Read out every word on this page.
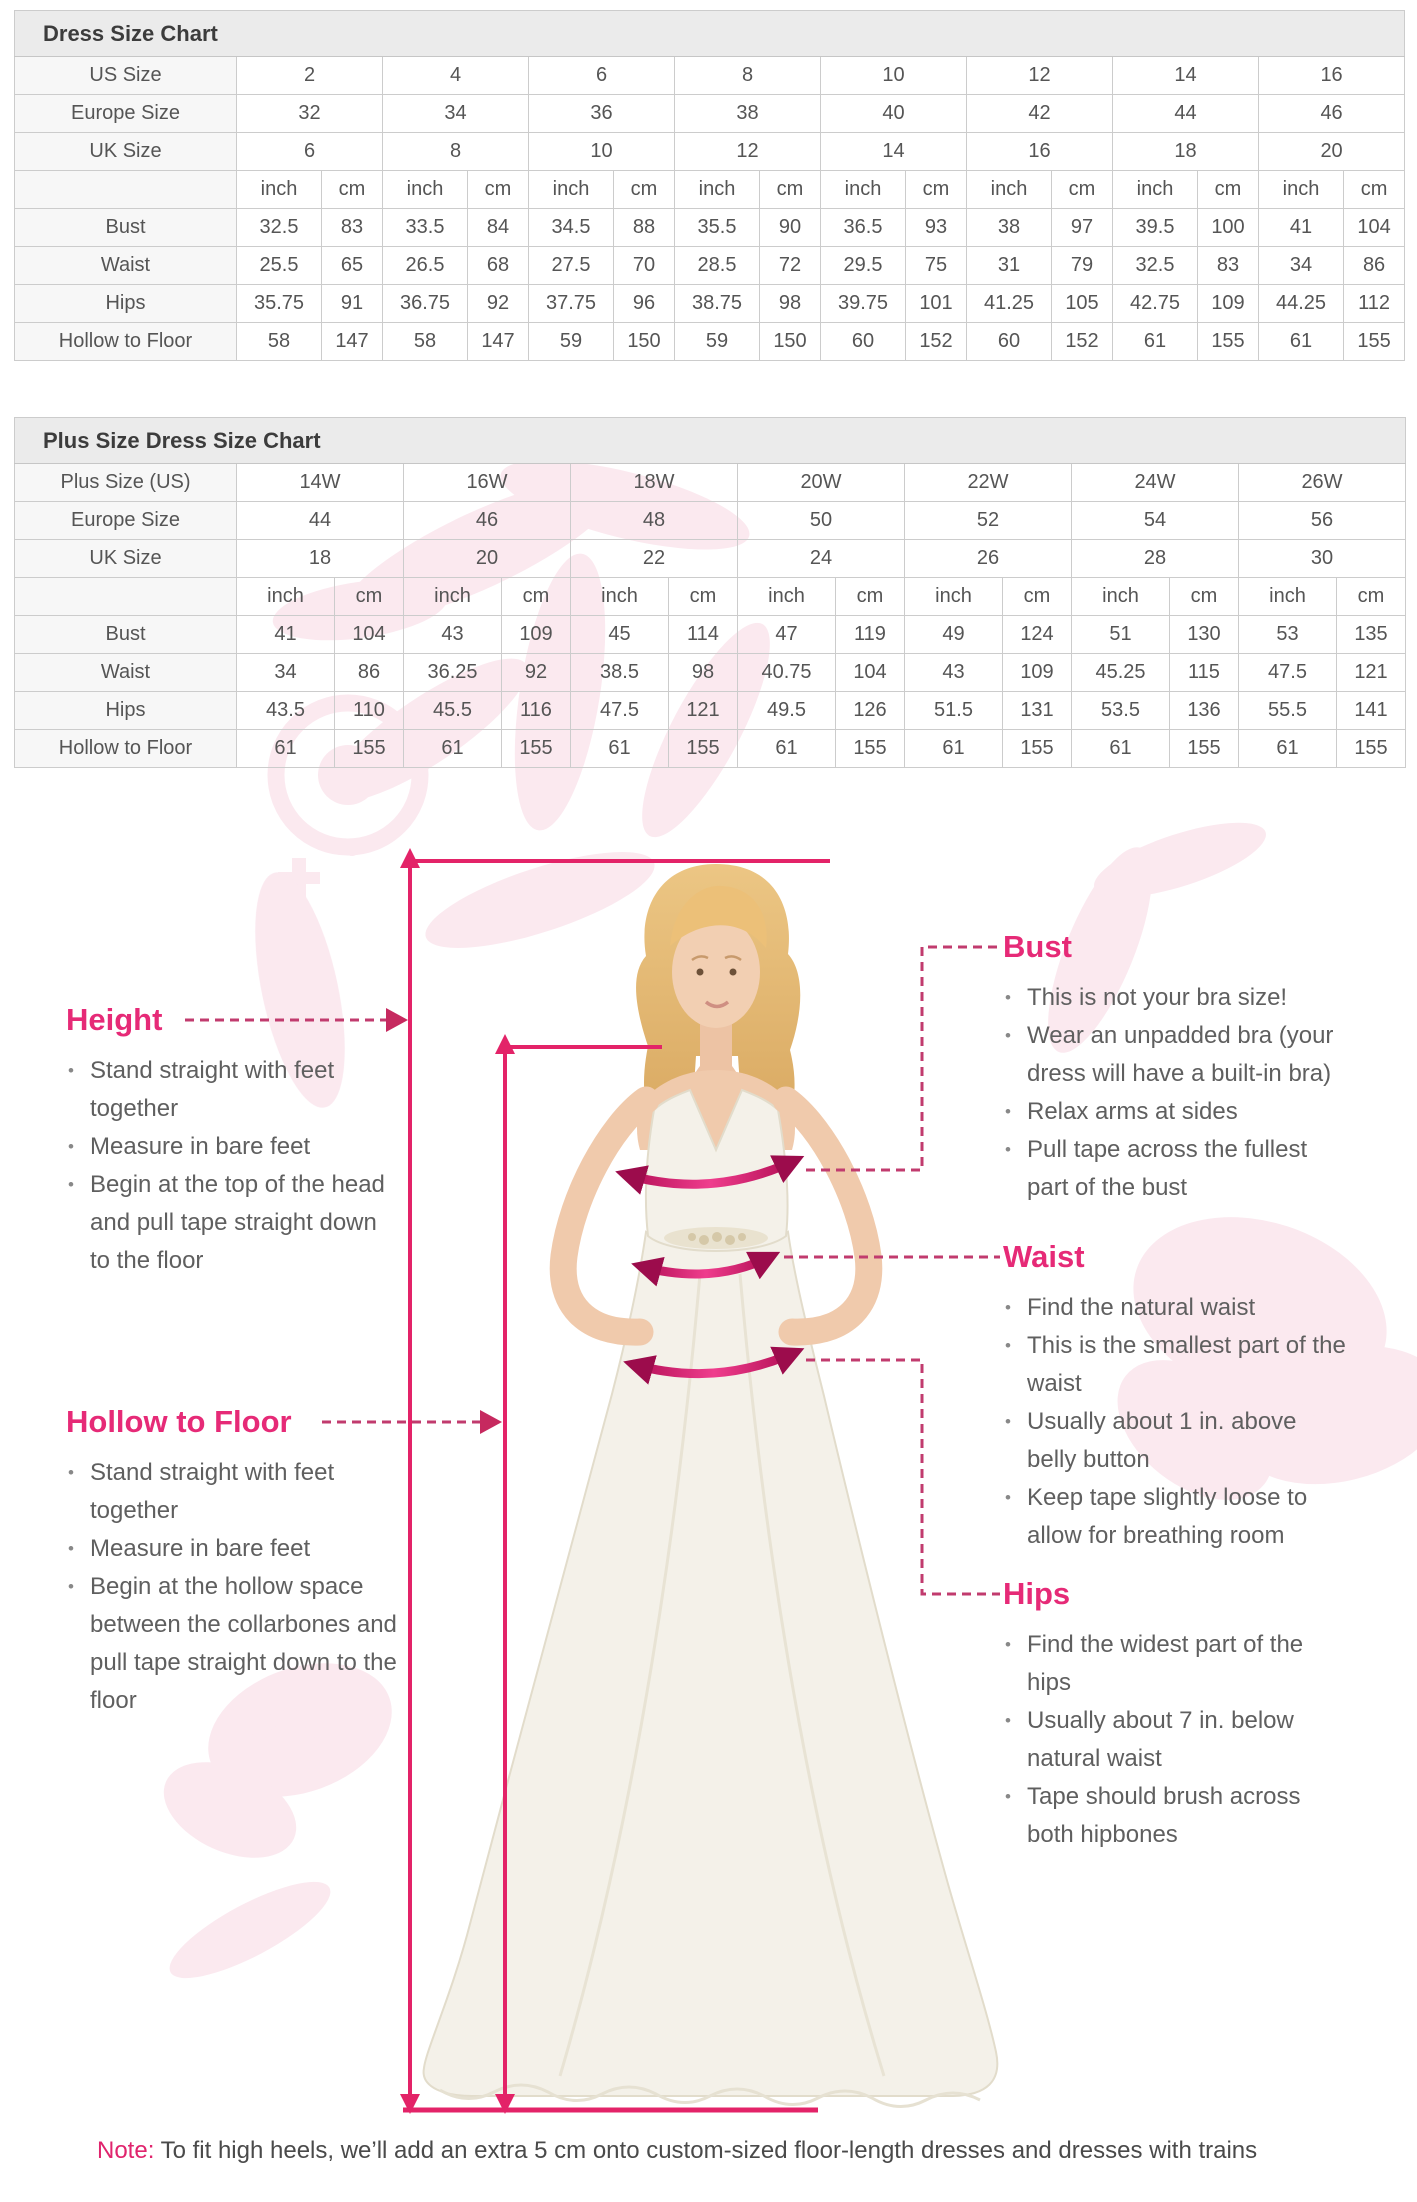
Dress Size Chart																
US Size	2		4		6		8		10		12		14		16	
Europe Size	32		34		36		38		40		42		44		46	
UK Size	6		8		10		12		14		16		18		20	
	inch	cm	inch	cm	inch	cm	inch	cm	inch	cm	inch	cm	inch	cm	inch	cm
Bust	32.5	83	33.5	84	34.5	88	35.5	90	36.5	93	38	97	39.5	100	41	104
Waist	25.5	65	26.5	68	27.5	70	28.5	72	29.5	75	31	79	32.5	83	34	86
Hips	35.75	91	36.75	92	37.75	96	38.75	98	39.75	101	41.25	105	42.75	109	44.25	112
Hollow to Floor	58	147	58	147	59	150	59	150	60	152	60	152	61	155	61	155
Plus Size Dress Size Chart														
Plus Size (US)	14W		16W		18W		20W		22W		24W		26W	
Europe Size	44		46		48		50		52		54		56	
UK Size	18		20		22		24		26		28		30	
	inch	cm	inch	cm	inch	cm	inch	cm	inch	cm	inch	cm	inch	cm
Bust	41	104	43	109	45	114	47	119	49	124	51	130	53	135
Waist	34	86	36.25	92	38.5	98	40.75	104	43	109	45.25	115	47.5	121
Hips	43.5	110	45.5	116	47.5	121	49.5	126	51.5	131	53.5	136	55.5	141
Hollow to Floor	61	155	61	155	61	155	61	155	61	155	61	155	61	155
Height
• Stand straight with feet together
• Measure in bare feet
• Begin at the top of the head and pull tape straight down to the floor
Hollow to Floor
• Stand straight with feet together
• Measure in bare feet
• Begin at the hollow space between the collarbones and pull tape straight down to the floor
Bust
• This is not your bra size!
• Wear an unpadded bra (your dress will have a built-in bra)
• Relax arms at sides
• Pull tape across the fullest part of the bust
Waist
• Find the natural waist
• This is the smallest part of the waist
• Usually about 1 in. above belly button
• Keep tape slightly loose to allow for breathing room
Hips
• Find the widest part of the hips
• Usually about 7 in. below natural waist
• Tape should brush across both hipbones
Note: To fit high heels, we’ll add an extra 5 cm onto custom-sized floor-length dresses and dresses with trains
